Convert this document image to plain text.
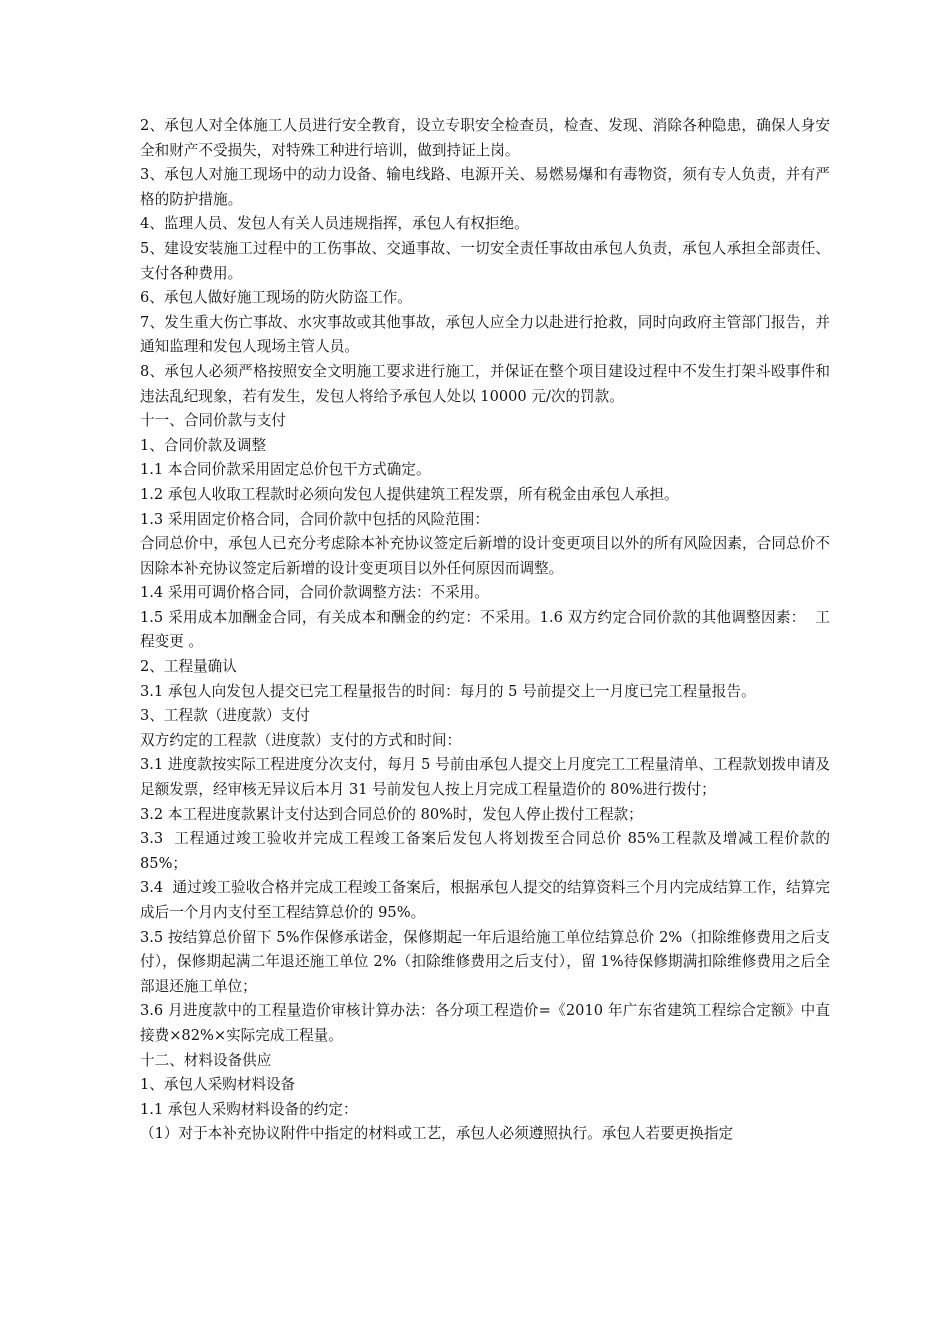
2、承包人对全体施工人员进行安全教育，设立专职安全检查员，检查、发现、消除各种隐患，确保人身安全和财产不受损失，对特殊工种进行培训，做到持证上岗。

3、承包人对施工现场中的动力设备、输电线路、电源开关、易燃易爆和有毒物资，须有专人负责，并有严格的防护措施。

4、监理人员、发包人有关人员违规指挥，承包人有权拒绝。

5、建设安装施工过程中的工伤事故、交通事故、一切安全责任事故由承包人负责，承包人承担全部责任、支付各种费用。

6、承包人做好施工现场的防火防盗工作。

7、发生重大伤亡事故、水灾事故或其他事故，承包人应全力以赴进行抢救，同时向政府主管部门报告，并通知监理和发包人现场主管人员。

8、承包人必须严格按照安全文明施工要求进行施工，并保证在整个项目建设过程中不发生打架斗殴事件和违法乱纪现象，若有发生，发包人将给予承包人处以 10000 元/次的罚款。

十一、合同价款与支付

1、合同价款及调整

1.1 本合同价款采用固定总价包干方式确定。

1.2 承包人收取工程款时必须向发包人提供建筑工程发票，所有税金由承包人承担。

1.3 采用固定价格合同，合同价款中包括的风险范围：

合同总价中，承包人已充分考虑除本补充协议签定后新增的设计变更项目以外的所有风险因素，合同总价不因除本补充协议签定后新增的设计变更项目以外任何原因而调整。

1.4 采用可调价格合同，合同价款调整方法：不采用。

1.5 采用成本加酬金合同，有关成本和酬金的约定：不采用。1.6 双方约定合同价款的其他调整因素：  工程变更 。

2、工程量确认

3.1 承包人向发包人提交已完工程量报告的时间：每月的 5 号前提交上一月度已完工程量报告。

3、工程款（进度款）支付

双方约定的工程款（进度款）支付的方式和时间：

3.1 进度款按实际工程进度分次支付，每月 5 号前由承包人提交上月度完工工程量清单、工程款划拨申请及足额发票，经审核无异议后本月 31 号前发包人按上月完成工程量造价的 80%进行拨付；

3.2 本工程进度款累计支付达到合同总价的 80%时，发包人停止拨付工程款；

3.3  工程通过竣工验收并完成工程竣工备案后发包人将划拨至合同总价 85%工程款及增减工程价款的 85%；

3.4  通过竣工验收合格并完成工程竣工备案后，根据承包人提交的结算资料三个月内完成结算工作，结算完成后一个月内支付至工程结算总价的 95%。

3.5 按结算总价留下 5%作保修承诺金，保修期起一年后退给施工单位结算总价 2%（扣除维修费用之后支付），保修期起满二年退还施工单位 2%（扣除维修费用之后支付），留 1%待保修期满扣除维修费用之后全部退还施工单位；

3.6 月进度款中的工程量造价审核计算办法：各分项工程造价=《2010 年广东省建筑工程综合定额》中直接费×82%×实际完成工程量。

十二、材料设备供应

1、承包人采购材料设备

1.1 承包人采购材料设备的约定：

（1）对于本补充协议附件中指定的材料或工艺，承包人必须遵照执行。承包人若要更换指定
